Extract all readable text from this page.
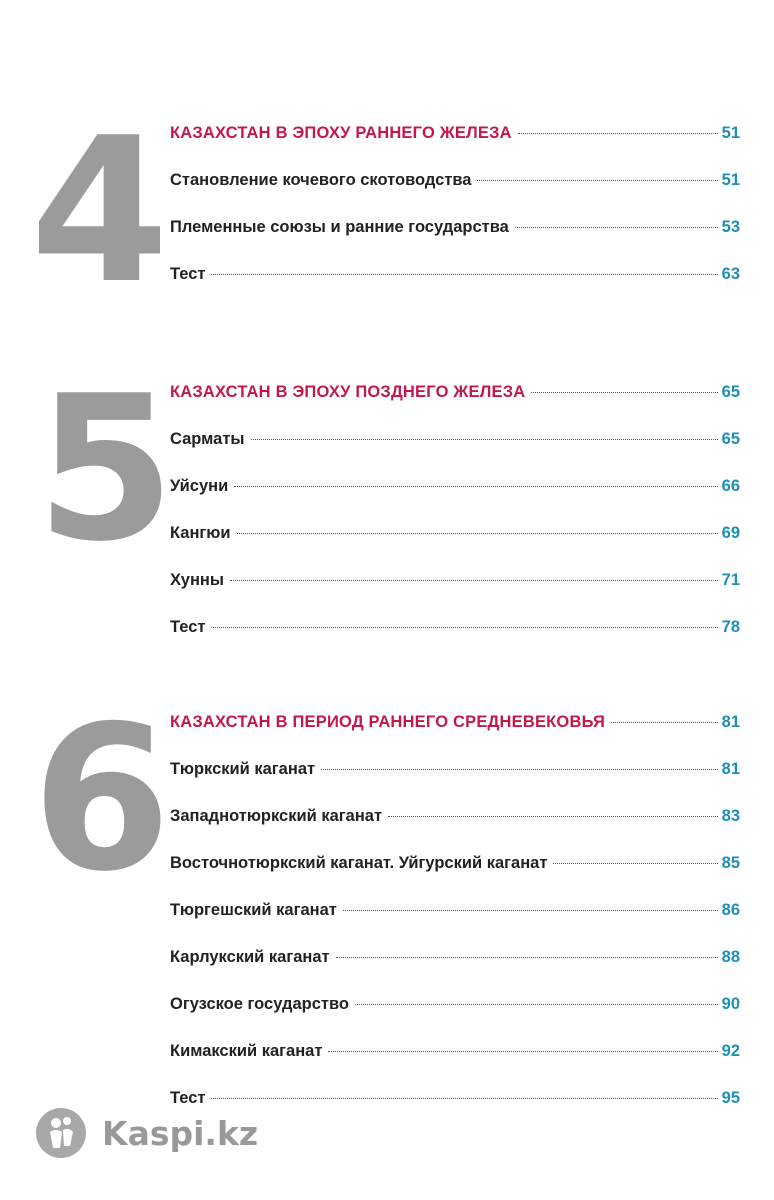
4 КАЗАХСТАН В ЭПОХУ РАННЕГО ЖЕЛЕЗА	51
Становление кочевого скотоводства	51
Племенные союзы и ранние государства	53
Тест	63
5 КАЗАХСТАН В ЭПОХУ ПОЗДНЕГО ЖЕЛЕЗА	65
Сарматы	65
Уйсуни	66
Кангюи	69
Хунны	71
Тест	78
6 КАЗАХСТАН В ПЕРИОД РАННЕГО СРЕДНЕВЕКОВЬЯ	81
Тюркский каганат	81
Западнотюркский каганат	83
Восточнотюркский каганат. Уйгурский каганат	85
Тюргешский каганат	86
Карлукский каганат	88
Огузское государство	90
Кимакский каганат	92
Тест	95
Kaspi.kz
